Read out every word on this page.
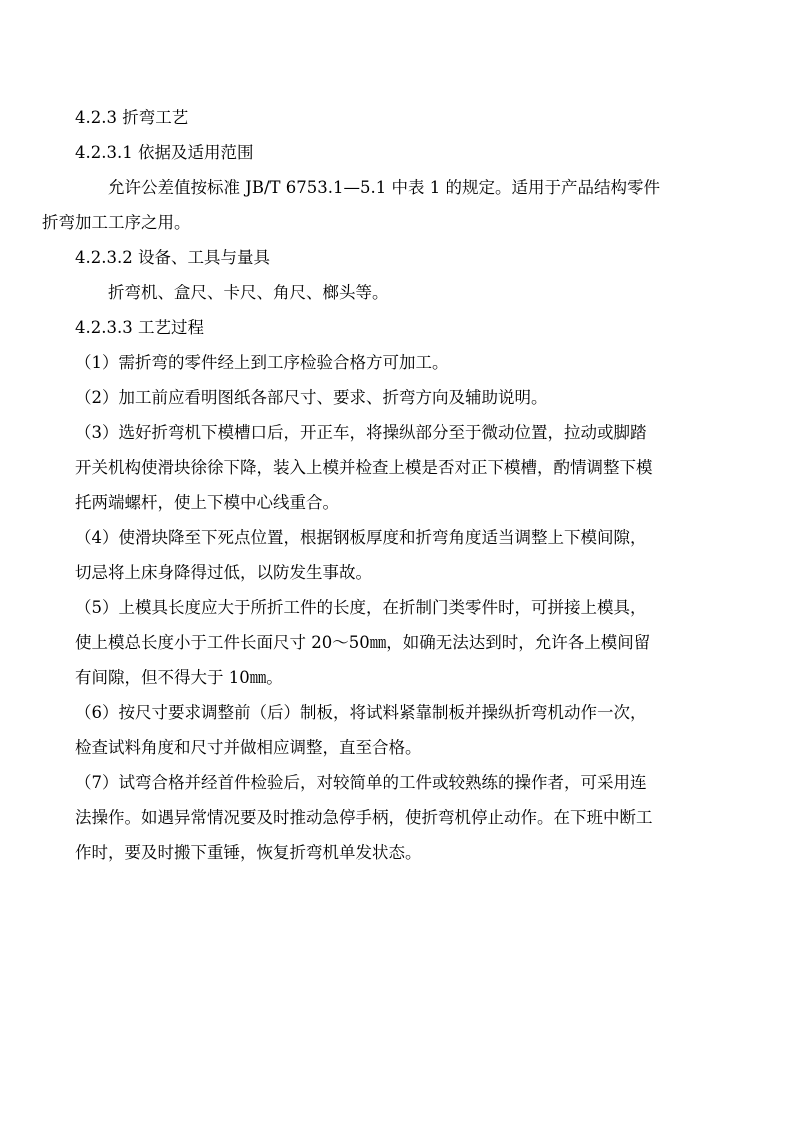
4.2.3 折弯工艺

4.2.3.1 依据及适用范围

允许公差值按标准 JB/T 6753.1—5.1 中表 1 的规定。适用于产品结构零件
折弯加工工序之用。

4.2.3.2 设备、工具与量具

折弯机、盒尺、卡尺、角尺、榔头等。

4.2.3.3 工艺过程

（1）需折弯的零件经上到工序检验合格方可加工。

（2）加工前应看明图纸各部尺寸、要求、折弯方向及辅助说明。

（3）选好折弯机下模槽口后，开正车，将操纵部分至于微动位置，拉动或脚踏
开关机构使滑块徐徐下降，装入上模并检查上模是否对正下模槽，酌情调整下模
托两端螺杆，使上下模中心线重合。

（4）使滑块降至下死点位置，根据钢板厚度和折弯角度适当调整上下模间隙，
切忌将上床身降得过低，以防发生事故。

（5）上模具长度应大于所折工件的长度，在折制门类零件时，可拼接上模具，
使上模总长度小于工件长面尺寸 20～50㎜，如确无法达到时，允许各上模间留
有间隙，但不得大于 10㎜。

（6）按尺寸要求调整前（后）制板，将试料紧靠制板并操纵折弯机动作一次，
检查试料角度和尺寸并做相应调整，直至合格。

（7）试弯合格并经首件检验后，对较简单的工件或较熟练的操作者，可采用连
法操作。如遇异常情况要及时推动急停手柄，使折弯机停止动作。在下班中断工
作时，要及时搬下重锤，恢复折弯机单发状态。
